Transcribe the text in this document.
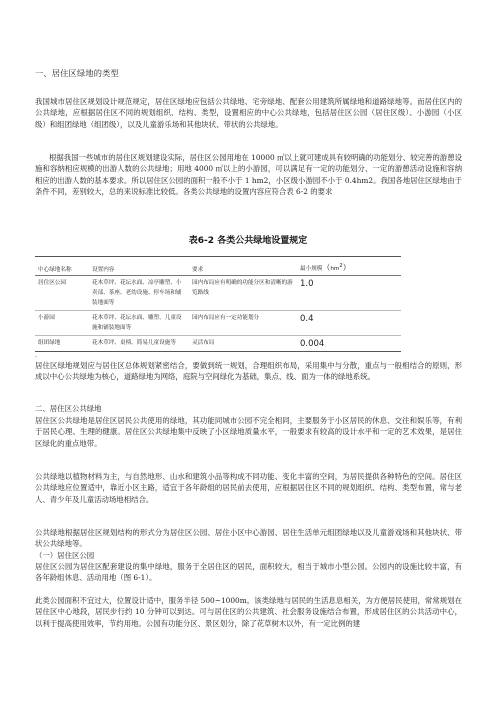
一、居住区绿地的类型

我国城市居住区规划设计规范规定，居住区绿地应包括公共绿地、宅旁绿地、配套公用建筑所属绿地和道路绿地等。而居住区内的公共绿地，应根据居住区不同的规划组织、结构、类型，设置相应的中心公共绿地，包括居住区公园（居住区级）、小游园（小区级）和组团绿地（组团级），以及儿童游乐场和其他块状、带状的公共绿地。

根据我国一些城市的居住区规划建设实际，居住区公园用地在 10000 ㎡以上就可建成具有较明确的功能划分、较完善的游憩设施和容纳相应规模的出游人数的公共绿地；用地 4000 ㎡以上的小游园，可以满足有一定的功能划分、一定的游憩活动设施和容纳相应的出游人数的基本要求。所以居住区公园的面积一般不小于 1 hm2，小区级小游园不小于 0.4hm2。我国各地居住区绿地由于条件不同，差别较大，总的来说标准比较低。各类公共绿地的设置内容应符合表 6-2 的要求

表6-2 各类公共绿地设置规定
中心绿地名称	设置内容	要求	最小规模$(hm^2)$
居住区公园	花木草坪、花坛水面、凉亭雕塑、小卖部、茶座、老幼设施、停车场和铺装地面等	园内布局应有明确的功能分区和清晰的游览路线	1.0
小游园	花木草坪、花坛水面、雕塑、儿童设施和铺装地面等	园内布局应有一定功能划分	0.4
组团绿地	花木草坪、桌椅、简易儿童设施等	灵活布局	0.004
·

居住区绿地规划应与居住区总体规划紧密结合，要做到统一规划，合理组织布局，采用集中与分散，重点与一般相结合的原则，形成以中心公共绿地为核心，道路绿地为网络，庭院与空间绿化为基础，集点、线、面为一体的绿地系统。

二、居住区公共绿地

居住区公共绿地是居住区居民公共使用的绿地，其功能同城市公园不完全相同，主要服务于小区居民的休息、交往和娱乐等，有利于居民心理、生理的健康。居住区公共绿地集中反映了小区绿地质量水平，一般要求有较高的设计水平和一定的艺术效果，是居住区绿化的重点地带。

公共绿地以植物材料为主，与自然地形、山水和建筑小品等构成不同功能、变化丰富的空间，为居民提供各种特色的空间。居住区公共绿地应位置适中，靠近小区主路，适宜于各年龄组的居民前去使用，应根据居住区不同的规划组织、结构、类型布置，常与老人、青少年及儿童活动场地相结合。

公共绿地根据居住区规划结构的形式分为居住区公园、居住小区中心游园、居住生活单元组团绿地以及儿童游戏场和其他块状、带状公共绿地等。

（一）居住区公园

居住区公园为居住区配套建设的集中绿地，服务于全居住区的居民，面积较大，相当于城市小型公园。公园内的设施比较丰富，有各年龄组休息、活动用地（图 6-1）。

此类公园面积不宜过大，位置设计适中，服务半径 500~1000m。该类绿地与居民的生活息息相关，为方便居民使用，常常规划在居住区中心地段，居民步行约 10 分钟可以到达。可与居住区的公共建筑、社会服务设施结合布置，形成居住区的公共活动中心，以利于提高使用效率，节约用地。公园有功能分区、景区划分，除了花草树木以外，有一定比例的建
